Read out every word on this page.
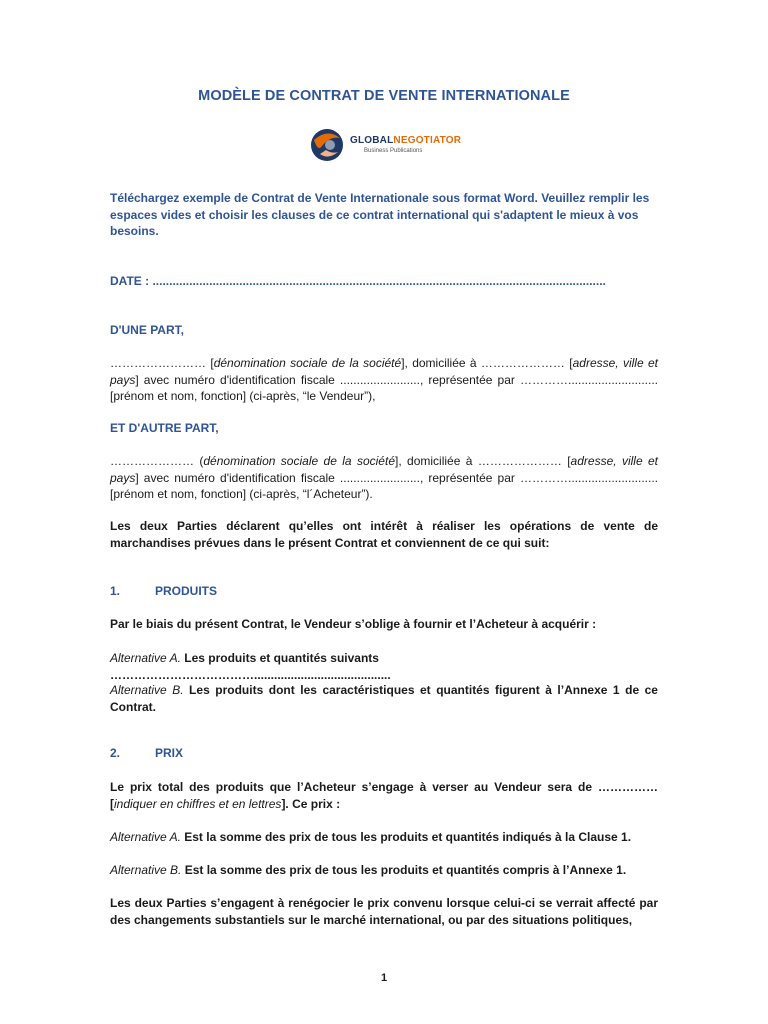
MODÈLE DE CONTRAT DE VENTE INTERNATIONALE
GLOBALNEGOTIATOR
Business Publications
Téléchargez exemple de Contrat de Vente Internationale sous format Word. Veuillez remplir les espaces vides et choisir les clauses de ce contrat international qui s'adaptent le mieux à vos besoins.
DATE : ........................................................................................................................................
D'UNE PART,
…………………… [dénomination sociale de la société], domiciliée à ………………… [adresse, ville et pays] avec numéro d'identification fiscale ........................, représentée par …………........................... [prénom et nom, fonction] (ci-après, “le Vendeur”),
ET D'AUTRE PART,
………………… (dénomination sociale de la société], domiciliée à ………………… [adresse, ville et pays] avec numéro d'identification fiscale ........................, représentée par …………........................... [prénom et nom, fonction] (ci-après, “l´Acheteur”).
Les deux Parties déclarent qu’elles ont intérêt à réaliser les opérations de vente de marchandises prévues dans le présent Contrat et conviennent de ce qui suit:
1.	PRODUITS
Par le biais du présent Contrat, le Vendeur s’oblige à fournir et l’Acheteur à acquérir :
Alternative A. Les produits et quantités suivants ……………………………….........................................
Alternative B. Les produits dont les caractéristiques et quantités figurent à l’Annexe 1 de ce Contrat.
2.	PRIX
Le prix total des produits que l’Acheteur s’engage à verser au Vendeur sera de …………… [indiquer en chiffres et en lettres]. Ce prix :
Alternative A. Est la somme des prix de tous les produits et quantités indiqués à la Clause 1.
Alternative B. Est la somme des prix de tous les produits et quantités compris à l’Annexe 1.
Les deux Parties s’engagent à renégocier le prix convenu lorsque celui-ci se verrait affecté par des changements substantiels sur le marché international, ou par des situations politiques,
1
